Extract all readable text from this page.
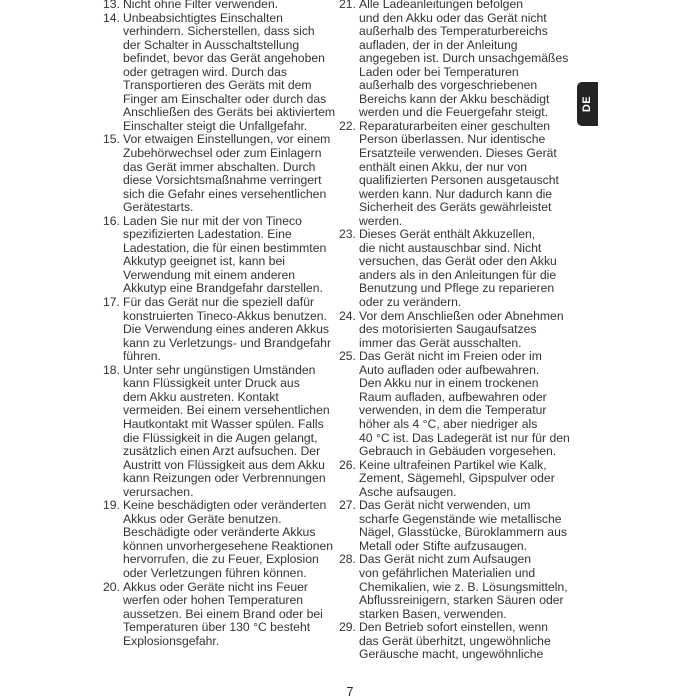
13. Nicht ohne Filter verwenden.
14. Unbeabsichtigtes Einschalten
verhindern. Sicherstellen, dass sich
der Schalter in Ausschaltstellung
befindet, bevor das Gerät angehoben
oder getragen wird. Durch das
Transportieren des Geräts mit dem
Finger am Einschalter oder durch das
Anschließen des Geräts bei aktiviertem
Einschalter steigt die Unfallgefahr.
15. Vor etwaigen Einstellungen, vor einem
Zubehörwechsel oder zum Einlagern
das Gerät immer abschalten. Durch
diese Vorsichtsmaßnahme verringert
sich die Gefahr eines versehentlichen
Gerätestarts.
16. Laden Sie nur mit der von Tineco
spezifizierten Ladestation. Eine
Ladestation, die für einen bestimmten
Akkutyp geeignet ist, kann bei
Verwendung mit einem anderen
Akkutyp eine Brandgefahr darstellen.
17. Für das Gerät nur die speziell dafür
konstruierten Tineco-Akkus benutzen.
Die Verwendung eines anderen Akkus
kann zu Verletzungs- und Brandgefahr
führen.
18. Unter sehr ungünstigen Umständen
kann Flüssigkeit unter Druck aus
dem Akku austreten. Kontakt
vermeiden. Bei einem versehentlichen
Hautkontakt mit Wasser spülen. Falls
die Flüssigkeit in die Augen gelangt,
zusätzlich einen Arzt aufsuchen. Der
Austritt von Flüssigkeit aus dem Akku
kann Reizungen oder Verbrennungen
verursachen.
19. Keine beschädigten oder veränderten
Akkus oder Geräte benutzen.
Beschädigte oder veränderte Akkus
können unvorhergesehene Reaktionen
hervorrufen, die zu Feuer, Explosion
oder Verletzungen führen können.
20. Akkus oder Geräte nicht ins Feuer
werfen oder hohen Temperaturen
aussetzen. Bei einem Brand oder bei
Temperaturen über 130 °C besteht
Explosionsgefahr.
21. Alle Ladeanleitungen befolgen
und den Akku oder das Gerät nicht
außerhalb des Temperaturbereichs
aufladen, der in der Anleitung
angegeben ist. Durch unsachgemäßes
Laden oder bei Temperaturen
außerhalb des vorgeschriebenen
Bereichs kann der Akku beschädigt
werden und die Feuergefahr steigt.
22. Reparaturarbeiten einer geschulten
Person überlassen. Nur identische
Ersatzteile verwenden. Dieses Gerät
enthält einen Akku, der nur von
qualifizierten Personen ausgetauscht
werden kann. Nur dadurch kann die
Sicherheit des Geräts gewährleistet
werden.
23. Dieses Gerät enthält Akkuzellen,
die nicht austauschbar sind. Nicht
versuchen, das Gerät oder den Akku
anders als in den Anleitungen für die
Benutzung und Pflege zu reparieren
oder zu verändern.
24. Vor dem Anschließen oder Abnehmen
des motorisierten Saugaufsatzes
immer das Gerät ausschalten.
25. Das Gerät nicht im Freien oder im
Auto aufladen oder aufbewahren.
Den Akku nur in einem trockenen
Raum aufladen, aufbewahren oder
verwenden, in dem die Temperatur
höher als 4 °C, aber niedriger als
40 °C ist. Das Ladegerät ist nur für den
Gebrauch in Gebäuden vorgesehen.
26. Keine ultrafeinen Partikel wie Kalk,
Zement, Sägemehl, Gipspulver oder
Asche aufsaugen.
27. Das Gerät nicht verwenden, um
scharfe Gegenstände wie metallische
Nägel, Glasstücke, Büroklammern aus
Metall oder Stifte aufzusaugen.
28. Das Gerät nicht zum Aufsaugen
von gefährlichen Materialien und
Chemikalien, wie z. B. Lösungsmitteln,
Abflussreinigern, starken Säuren oder
starken Basen, verwenden.
29. Den Betrieb sofort einstellen, wenn
das Gerät überhitzt, ungewöhnliche
Geräusche macht, ungewöhnliche
DE
7
